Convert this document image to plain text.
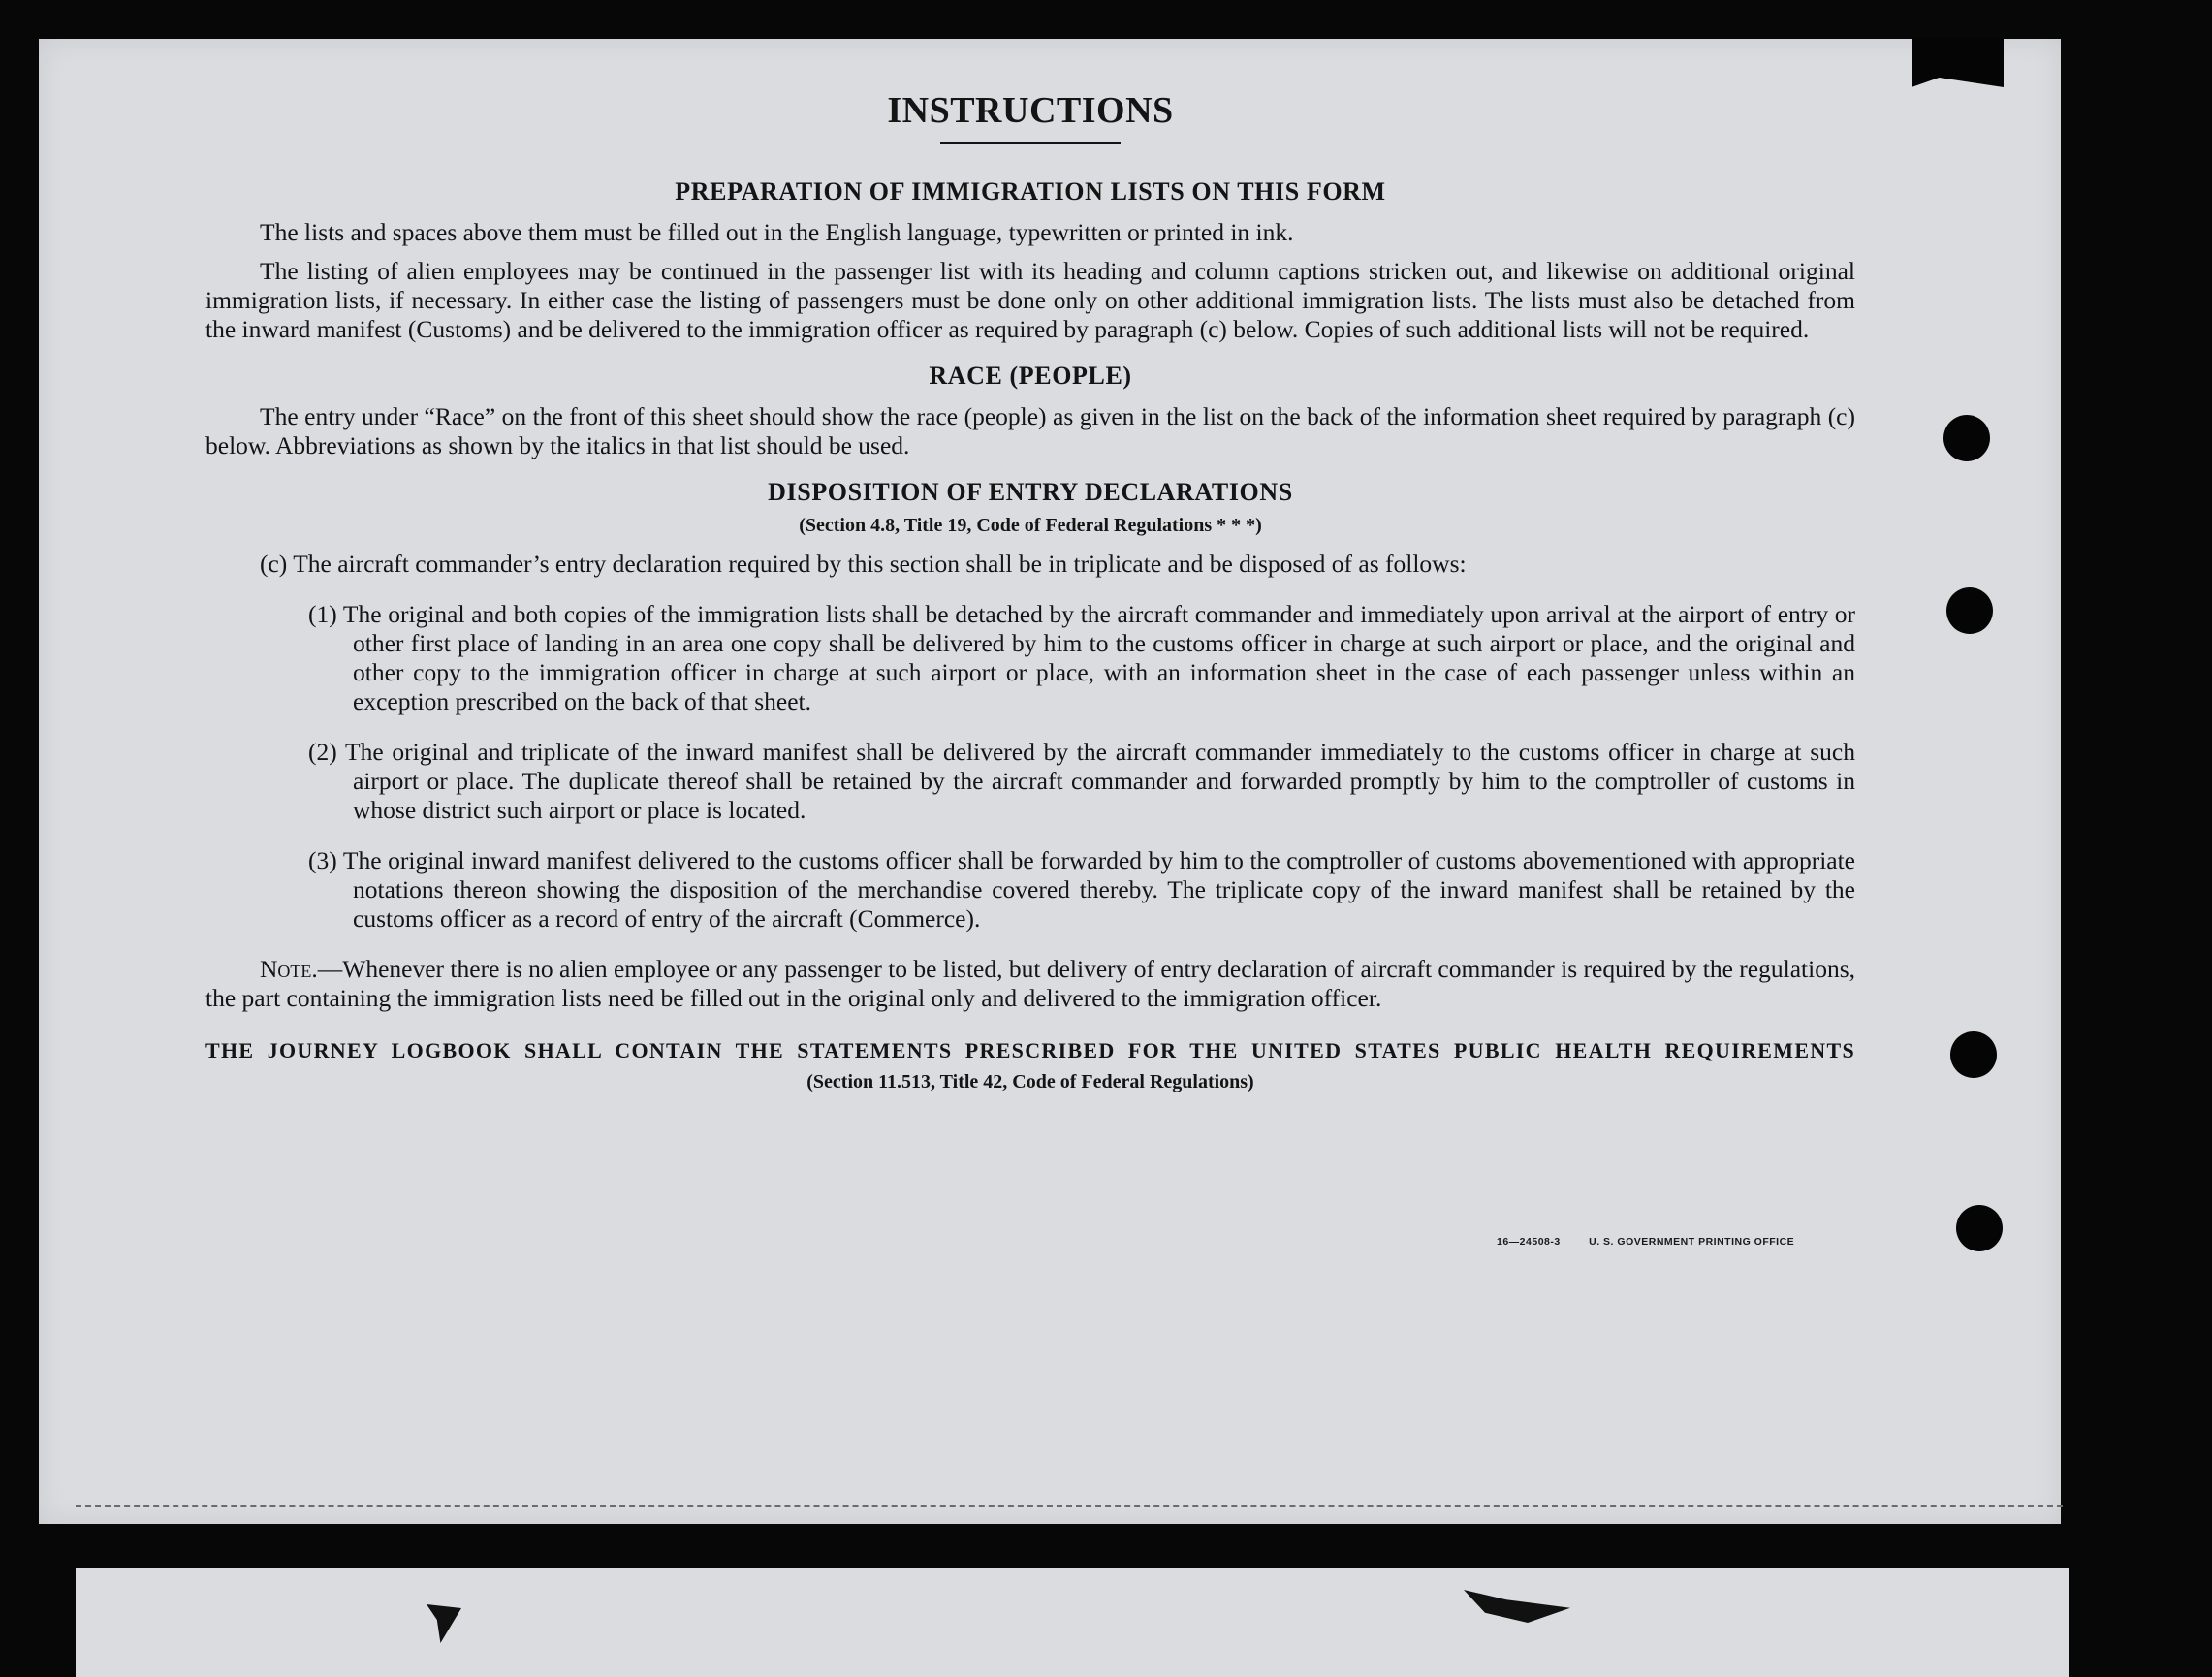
INSTRUCTIONS
PREPARATION OF IMMIGRATION LISTS ON THIS FORM

The lists and spaces above them must be filled out in the English language, typewritten or printed in ink.

The listing of alien employees may be continued in the passenger list with its heading and column captions stricken out, and likewise on additional original immigration lists, if necessary. In either case the listing of passengers must be done only on other additional immigration lists. The lists must also be detached from the inward manifest (Customs) and be delivered to the immigration officer as required by paragraph (c) below. Copies of such additional lists will not be required.

RACE (PEOPLE)

The entry under “Race” on the front of this sheet should show the race (people) as given in the list on the back of the information sheet required by paragraph (c) below. Abbreviations as shown by the italics in that list should be used.

DISPOSITION OF ENTRY DECLARATIONS
(Section 4.8, Title 19, Code of Federal Regulations * * *)

(c) The aircraft commander’s entry declaration required by this section shall be in triplicate and be disposed of as follows:

(1) The original and both copies of the immigration lists shall be detached by the aircraft commander and immediately upon arrival at the airport of entry or other first place of landing in an area one copy shall be delivered by him to the customs officer in charge at such airport or place, and the original and other copy to the immigration officer in charge at such airport or place, with an information sheet in the case of each passenger unless within an exception prescribed on the back of that sheet.
(2) The original and triplicate of the inward manifest shall be delivered by the aircraft commander immediately to the customs officer in charge at such airport or place. The duplicate thereof shall be retained by the aircraft commander and forwarded promptly by him to the comptroller of customs in whose district such airport or place is located.
(3) The original inward manifest delivered to the customs officer shall be forwarded by him to the comptroller of customs abovementioned with appropriate notations thereon showing the disposition of the merchandise covered thereby. The triplicate copy of the inward manifest shall be retained by the customs officer as a record of entry of the aircraft (Commerce).

Note.—Whenever there is no alien employee or any passenger to be listed, but delivery of entry declaration of aircraft commander is required by the regulations, the part containing the immigration lists need be filled out in the original only and delivered to the immigration officer.

THE JOURNEY LOGBOOK SHALL CONTAIN THE STATEMENTS PRESCRIBED FOR THE UNITED STATES PUBLIC HEALTH REQUIREMENTS
(Section 11.513, Title 42, Code of Federal Regulations)
16—24508-3	U. S. GOVERNMENT PRINTING OFFICE
